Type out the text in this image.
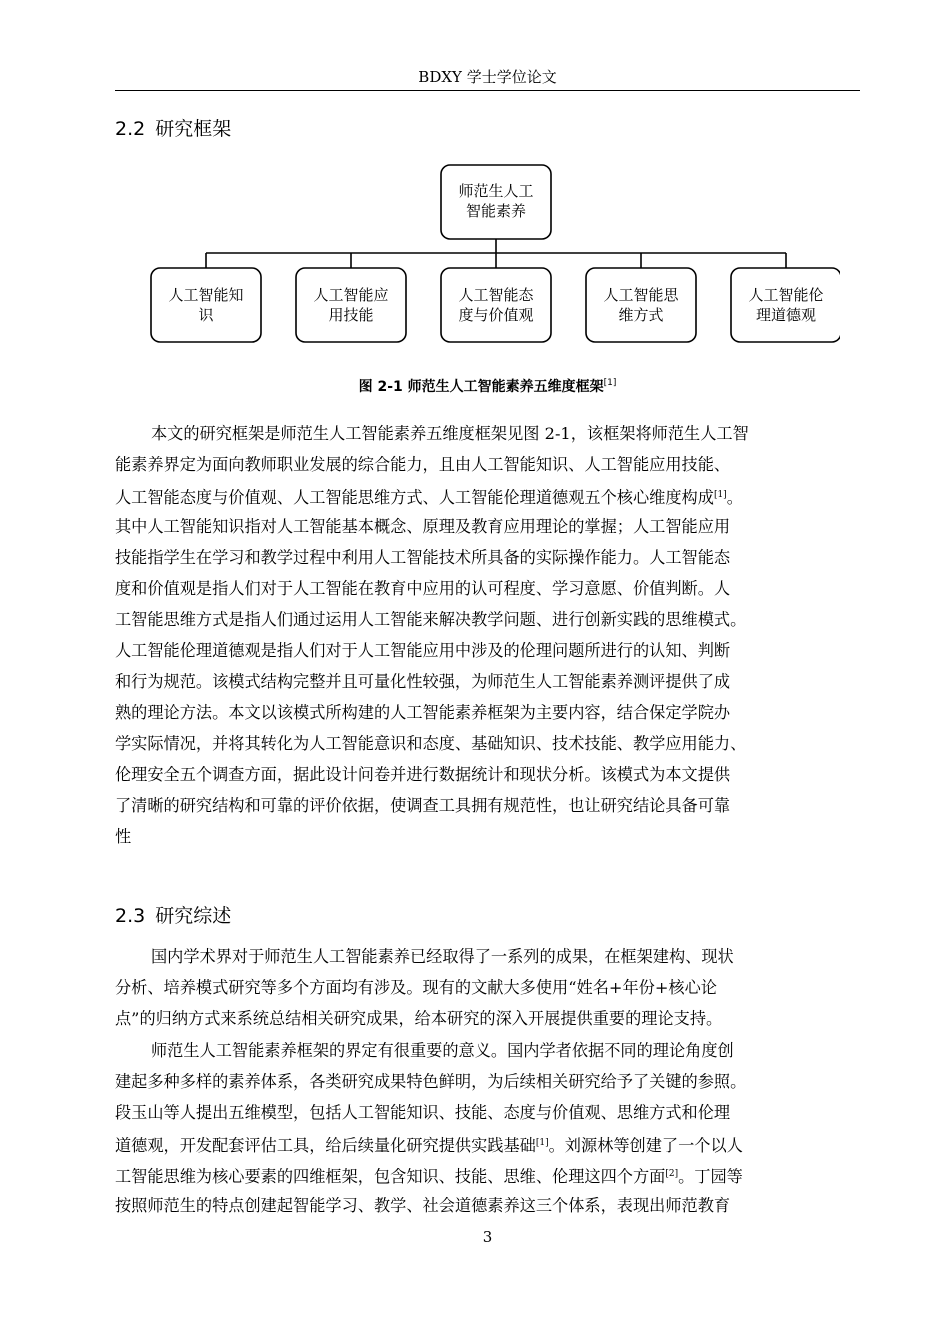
BDXY 学士学位论文
2.2 研究框架
师范生人工
智能素养
人工智能知
识
人工智能应
用技能
人工智能态
度与价值观
人工智能思
维方式
人工智能伦
理道德观
图 2-1 师范生人工智能素养五维度框架[1]
本文的研究框架是师范生人工智能素养五维度框架见图 2-1，该框架将师范生人工智
能素养界定为面向教师职业发展的综合能力，且由人工智能知识、人工智能应用技能、
人工智能态度与价值观、人工智能思维方式、人工智能伦理道德观五个核心维度构成[1]。
其中人工智能知识指对人工智能基本概念、原理及教育应用理论的掌握；人工智能应用
技能指学生在学习和教学过程中利用人工智能技术所具备的实际操作能力。人工智能态
度和价值观是指人们对于人工智能在教育中应用的认可程度、学习意愿、价值判断。人
工智能思维方式是指人们通过运用人工智能来解决教学问题、进行创新实践的思维模式。
人工智能伦理道德观是指人们对于人工智能应用中涉及的伦理问题所进行的认知、判断
和行为规范。该模式结构完整并且可量化性较强，为师范生人工智能素养测评提供了成
熟的理论方法。本文以该模式所构建的人工智能素养框架为主要内容，结合保定学院办
学实际情况，并将其转化为人工智能意识和态度、基础知识、技术技能、教学应用能力、
伦理安全五个调查方面，据此设计问卷并进行数据统计和现状分析。该模式为本文提供
了清晰的研究结构和可靠的评价依据，使调查工具拥有规范性，也让研究结论具备可靠
性
2.3 研究综述
国内学术界对于师范生人工智能素养已经取得了一系列的成果，在框架建构、现状
分析、培养模式研究等多个方面均有涉及。现有的文献大多使用“姓名+年份+核心论
点”的归纳方式来系统总结相关研究成果，给本研究的深入开展提供重要的理论支持。
师范生人工智能素养框架的界定有很重要的意义。国内学者依据不同的理论角度创
建起多种多样的素养体系，各类研究成果特色鲜明，为后续相关研究给予了关键的参照。
段玉山等人提出五维模型，包括人工智能知识、技能、态度与价值观、思维方式和伦理
道德观，开发配套评估工具，给后续量化研究提供实践基础[1]。刘源林等创建了一个以人
工智能思维为核心要素的四维框架，包含知识、技能、思维、伦理这四个方面[2]。丁园等
按照师范生的特点创建起智能学习、教学、社会道德素养这三个体系，表现出师范教育
3
